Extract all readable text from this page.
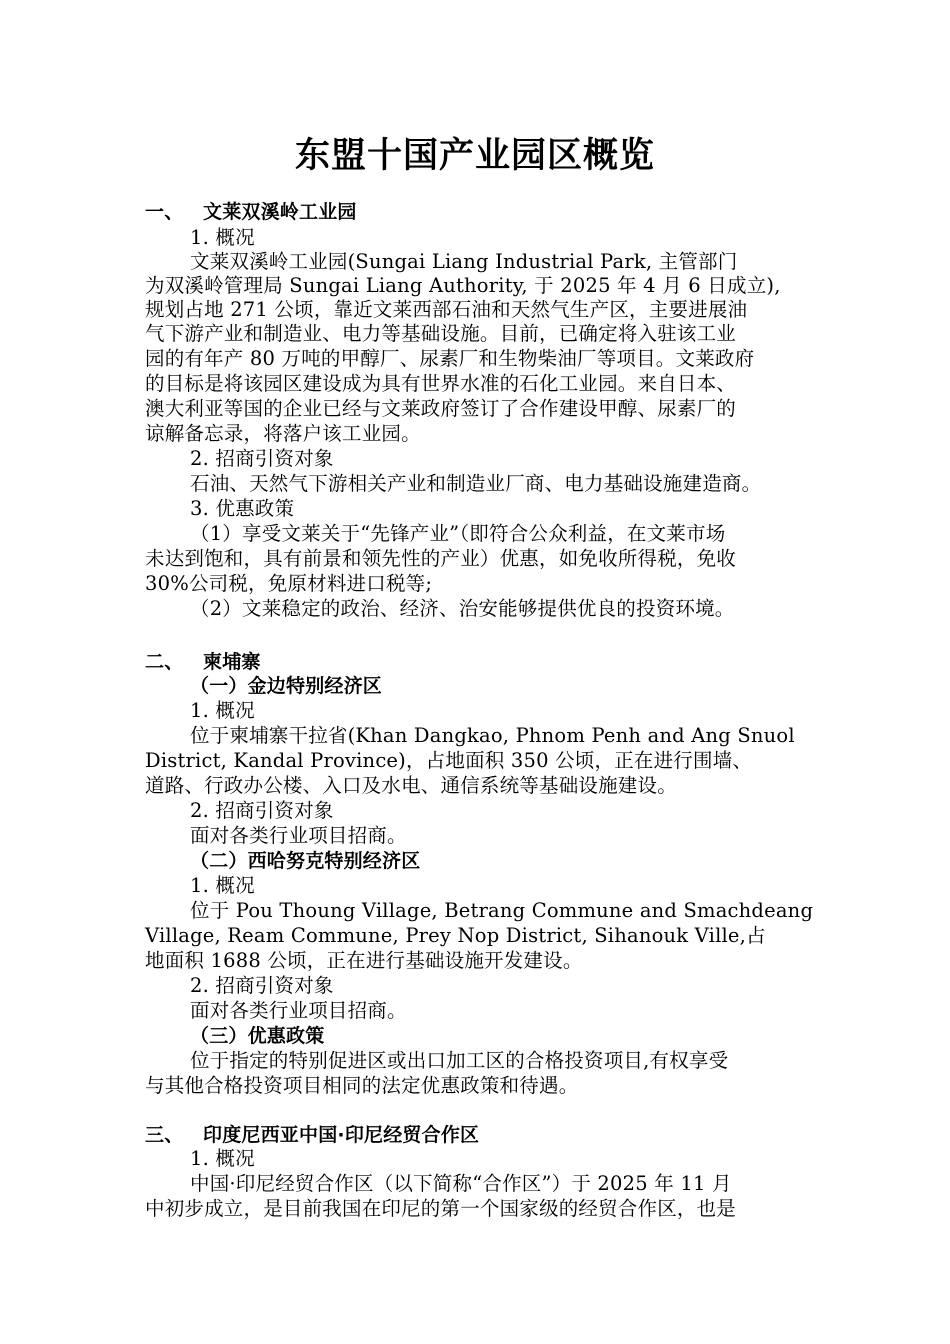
东盟十国产业园区概览
一、 文莱双溪岭工业园
1. 概况
文莱双溪岭工业园(Sungai Liang Industrial Park, 主管部门
为双溪岭管理局 Sungai Liang Authority, 于 2025 年 4 月 6 日成立),
规划占地 271 公顷，靠近文莱西部石油和天然气生产区，主要进展油
气下游产业和制造业、电力等基础设施。目前，已确定将入驻该工业
园的有年产 80 万吨的甲醇厂、尿素厂和生物柴油厂等项目。文莱政府
的目标是将该园区建设成为具有世界水准的石化工业园。来自日本、
澳大利亚等国的企业已经与文莱政府签订了合作建设甲醇、尿素厂的
谅解备忘录，将落户该工业园。
2. 招商引资对象
石油、天然气下游相关产业和制造业厂商、电力基础设施建造商。
3. 优惠政策
（1）享受文莱关于“先锋产业”（即符合公众利益，在文莱市场
未达到饱和，具有前景和领先性的产业）优惠，如免收所得税，免收
30%公司税，免原材料进口税等;
（2）文莱稳定的政治、经济、治安能够提供优良的投资环境。
二、 柬埔寨
（一）金边特别经济区
1. 概况
位于柬埔寨干拉省(Khan Dangkao, Phnom Penh and Ang Snuol
District, Kandal Province)，占地面积 350 公顷，正在进行围墙、
道路、行政办公楼、入口及水电、通信系统等基础设施建设。
2. 招商引资对象
面对各类行业项目招商。
（二）西哈努克特别经济区
1. 概况
位于 Pou Thoung Village, Betrang Commune and Smachdeang
Village, Ream Commune, Prey Nop District, Sihanouk Ville,占
地面积 1688 公顷，正在进行基础设施开发建设。
2. 招商引资对象
面对各类行业项目招商。
（三）优惠政策
位于指定的特别促进区或出口加工区的合格投资项目,有权享受
与其他合格投资项目相同的法定优惠政策和待遇。
三、 印度尼西亚中国·印尼经贸合作区
1. 概况
中国·印尼经贸合作区（以下简称“合作区”）于 2025 年 11 月
中初步成立，是目前我国在印尼的第一个国家级的经贸合作区，也是
